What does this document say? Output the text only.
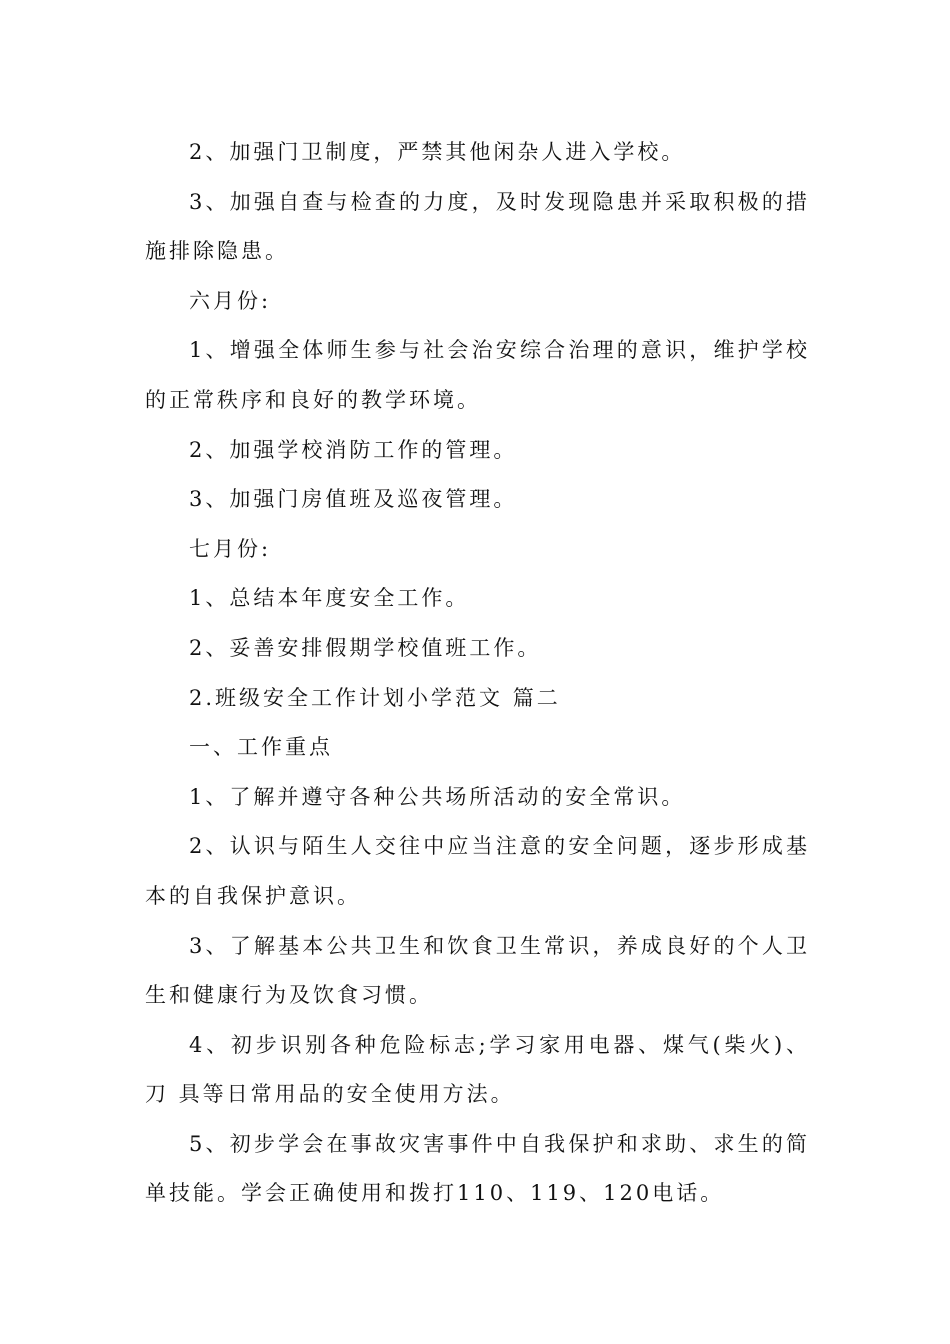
2、加强门卫制度，严禁其他闲杂人进入学校。

3、加强自查与检查的力度，及时发现隐患并采取积极的措施排除隐患。

六月份:

1、增强全体师生参与社会治安综合治理的意识，维护学校的正常秩序和良好的教学环境。

2、加强学校消防工作的管理。

3、加强门房值班及巡夜管理。

七月份:

1、总结本年度安全工作。

2、妥善安排假期学校值班工作。

2.班级安全工作计划小学范文 篇二

一、工作重点

1、了解并遵守各种公共场所活动的安全常识。

2、认识与陌生人交往中应当注意的安全问题，逐步形成基本的自我保护意识。

3、了解基本公共卫生和饮食卫生常识，养成良好的个人卫生和健康行为及饮食习惯。

4、初步识别各种危险标志;学习家用电器、煤气(柴火)、刀 具等日常用品的安全使用方法。

5、初步学会在事故灾害事件中自我保护和求助、求生的简单技能。学会正确使用和拨打110、119、120电话。
